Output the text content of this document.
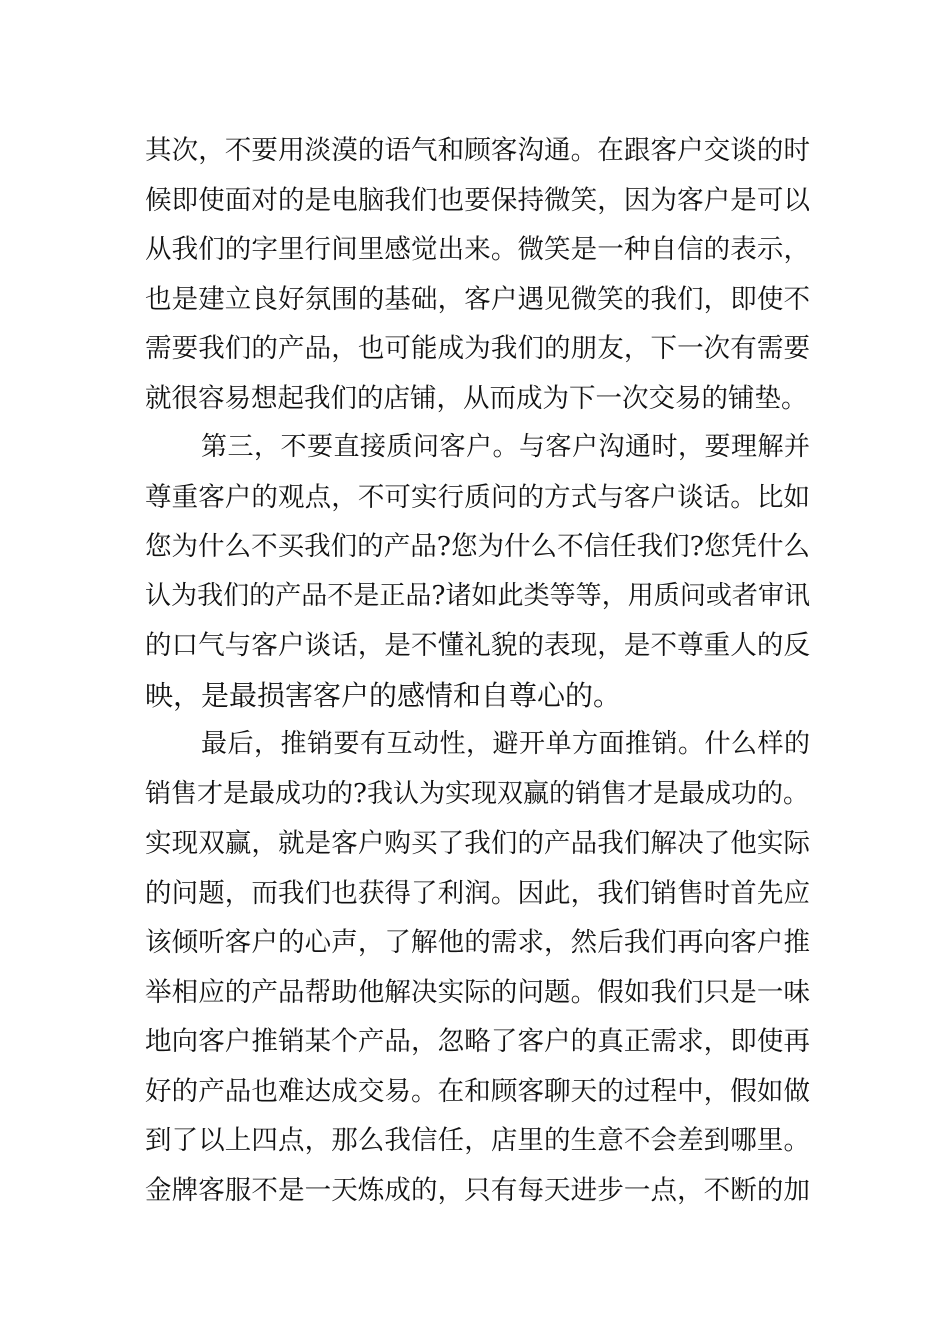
其次，不要用淡漠的语气和顾客沟通。在跟客户交谈的时
候即使面对的是电脑我们也要保持微笑，因为客户是可以
从我们的字里行间里感觉出来。微笑是一种自信的表示，
也是建立良好氛围的基础，客户遇见微笑的我们，即使不
需要我们的产品，也可能成为我们的朋友，下一次有需要
就很容易想起我们的店铺，从而成为下一次交易的铺垫。
第三，不要直接质问客户。与客户沟通时，要理解并
尊重客户的观点，不可实行质问的方式与客户谈话。比如
您为什么不买我们的产品?您为什么不信任我们?您凭什么
认为我们的产品不是正品?诸如此类等等，用质问或者审讯
的口气与客户谈话，是不懂礼貌的表现，是不尊重人的反
映，是最损害客户的感情和自尊心的。
最后，推销要有互动性，避开单方面推销。什么样的
销售才是最成功的?我认为实现双赢的销售才是最成功的。
实现双赢，就是客户购买了我们的产品我们解决了他实际
的问题，而我们也获得了利润。因此，我们销售时首先应
该倾听客户的心声，了解他的需求，然后我们再向客户推
举相应的产品帮助他解决实际的问题。假如我们只是一味
地向客户推销某个产品，忽略了客户的真正需求，即使再
好的产品也难达成交易。在和顾客聊天的过程中，假如做
到了以上四点，那么我信任，店里的生意不会差到哪里。
金牌客服不是一天炼成的，只有每天进步一点，不断的加
